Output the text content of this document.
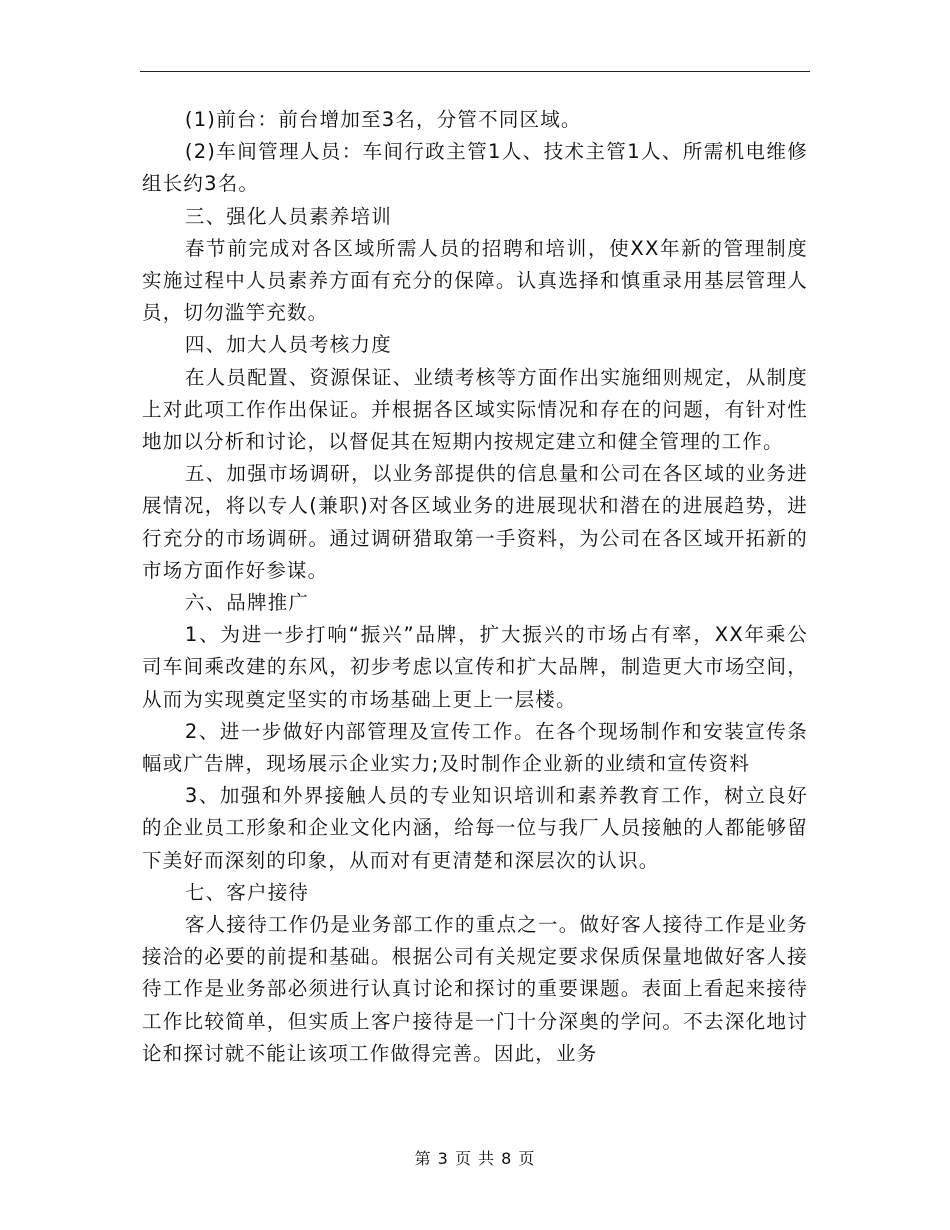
(1)前台：前台增加至3名，分管不同区域。

(2)车间管理人员：车间行政主管1人、技术主管1人、所需机电维修组长约3名。

三、强化人员素养培训

春节前完成对各区域所需人员的招聘和培训，使XX年新的管理制度实施过程中人员素养方面有充分的保障。认真选择和慎重录用基层管理人员，切勿滥竽充数。

四、加大人员考核力度

在人员配置、资源保证、业绩考核等方面作出实施细则规定，从制度上对此项工作作出保证。并根据各区域实际情况和存在的问题，有针对性地加以分析和讨论，以督促其在短期内按规定建立和健全管理的工作。

五、加强市场调研，以业务部提供的信息量和公司在各区域的业务进展情况，将以专人(兼职)对各区域业务的进展现状和潜在的进展趋势，进行充分的市场调研。通过调研猎取第一手资料，为公司在各区域开拓新的市场方面作好参谋。

六、品牌推广

1、为进一步打响“振兴”品牌，扩大振兴的市场占有率，XX年乘公司车间乘改建的东风，初步考虑以宣传和扩大品牌，制造更大市场空间，从而为实现奠定坚实的市场基础上更上一层楼。

2、进一步做好内部管理及宣传工作。在各个现场制作和安装宣传条幅或广告牌，现场展示企业实力;及时制作企业新的业绩和宣传资料

3、加强和外界接触人员的专业知识培训和素养教育工作，树立良好的企业员工形象和企业文化内涵，给每一位与我厂人员接触的人都能够留下美好而深刻的印象，从而对有更清楚和深层次的认识。

七、客户接待

客人接待工作仍是业务部工作的重点之一。做好客人接待工作是业务接洽的必要的前提和基础。根据公司有关规定要求保质保量地做好客人接待工作是业务部必须进行认真讨论和探讨的重要课题。表面上看起来接待工作比较简单，但实质上客户接待是一门十分深奥的学问。不去深化地讨论和探讨就不能让该项工作做得完善。因此，业务

第 3 页 共 8 页
